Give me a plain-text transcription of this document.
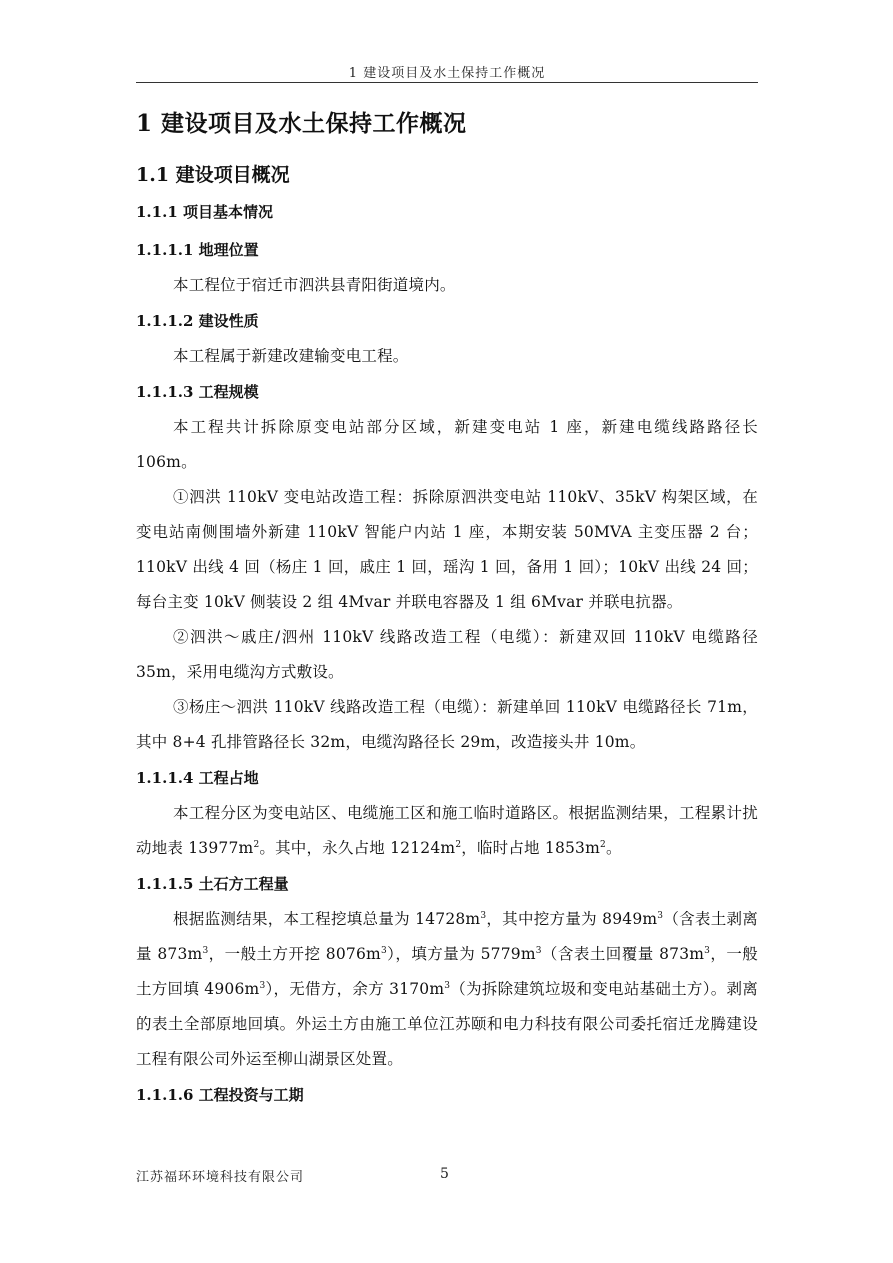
1 建设项目及水土保持工作概况
1 建设项目及水土保持工作概况
1.1 建设项目概况
1.1.1 项目基本情况
1.1.1.1 地理位置

本工程位于宿迁市泗洪县青阳街道境内。

1.1.1.2 建设性质

本工程属于新建改建输变电工程。

1.1.1.3 工程规模

本工程共计拆除原变电站部分区域，新建变电站 1 座，新建电缆线路路径长 106m。

①泗洪 110kV 变电站改造工程：拆除原泗洪变电站 110kV、35kV 构架区域，在变电站南侧围墙外新建 110kV 智能户内站 1 座，本期安装 50MVA 主变压器 2 台；110kV 出线 4 回（杨庄 1 回，戚庄 1 回，瑶沟 1 回，备用 1 回）；10kV 出线 24 回；每台主变 10kV 侧装设 2 组 4Mvar 并联电容器及 1 组 6Mvar 并联电抗器。

②泗洪～戚庄/泗州 110kV 线路改造工程（电缆）：新建双回 110kV 电缆路径 35m，采用电缆沟方式敷设。

③杨庄～泗洪 110kV 线路改造工程（电缆）：新建单回 110kV 电缆路径长 71m，其中 8+4 孔排管路径长 32m，电缆沟路径长 29m，改造接头井 10m。

1.1.1.4 工程占地

本工程分区为变电站区、电缆施工区和施工临时道路区。根据监测结果，工程累计扰动地表 $13977m^2$。其中，永久占地 $12124m^2$，临时占地 $1853m^2$。

1.1.1.5 土石方工程量

根据监测结果，本工程挖填总量为 $14728m^3$，其中挖方量为 $8949m^3$（含表土剥离量 $873m^3$，一般土方开挖 $8076m^3$），填方量为 $5779m^3$（含表土回覆量 $873m^3$，一般土方回填 $4906m^3$），无借方，余方 $3170m^3$（为拆除建筑垃圾和变电站基础土方）。剥离的表土全部原地回填。外运土方由施工单位江苏颐和电力科技有限公司委托宿迁龙腾建设工程有限公司外运至柳山湖景区处置。

1.1.1.6 工程投资与工期
江苏福环环境科技有限公司	5
